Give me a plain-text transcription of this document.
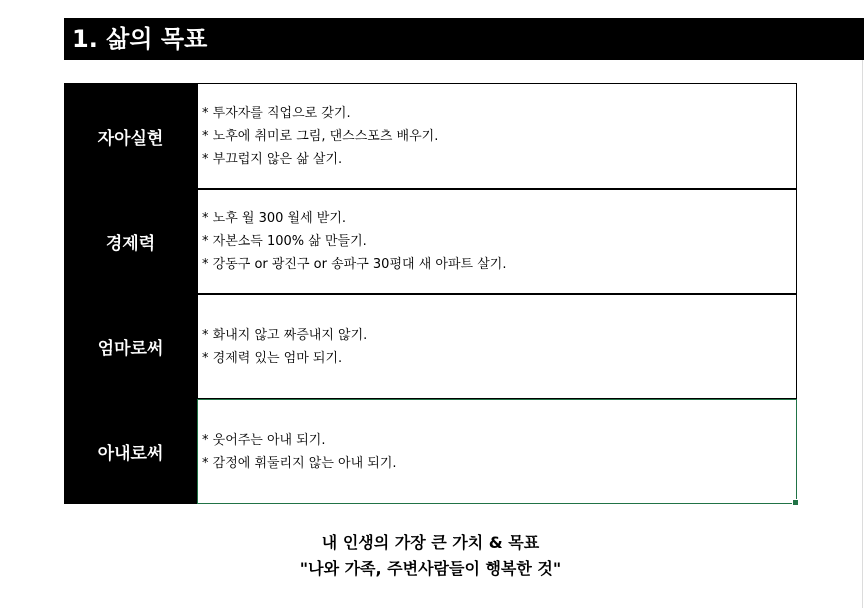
1. 삶의 목표
자아실현
* 투자자를 직업으로 갖기.
* 노후에 취미로 그림, 댄스스포츠 배우기.
* 부끄럽지 않은 삶 살기.
경제력
* 노후 월 300 월세 받기.
* 자본소득 100% 삶 만들기.
* 강동구 or 광진구 or 송파구 30평대 새 아파트 살기.
엄마로써
* 화내지 않고 짜증내지 않기.
* 경제력 있는 엄마 되기.
아내로써
* 웃어주는 아내 되기.
* 감정에 휘둘리지 않는 아내 되기.
내 인생의 가장 큰 가치 & 목표
"나와 가족, 주변사람들이 행복한 것"
